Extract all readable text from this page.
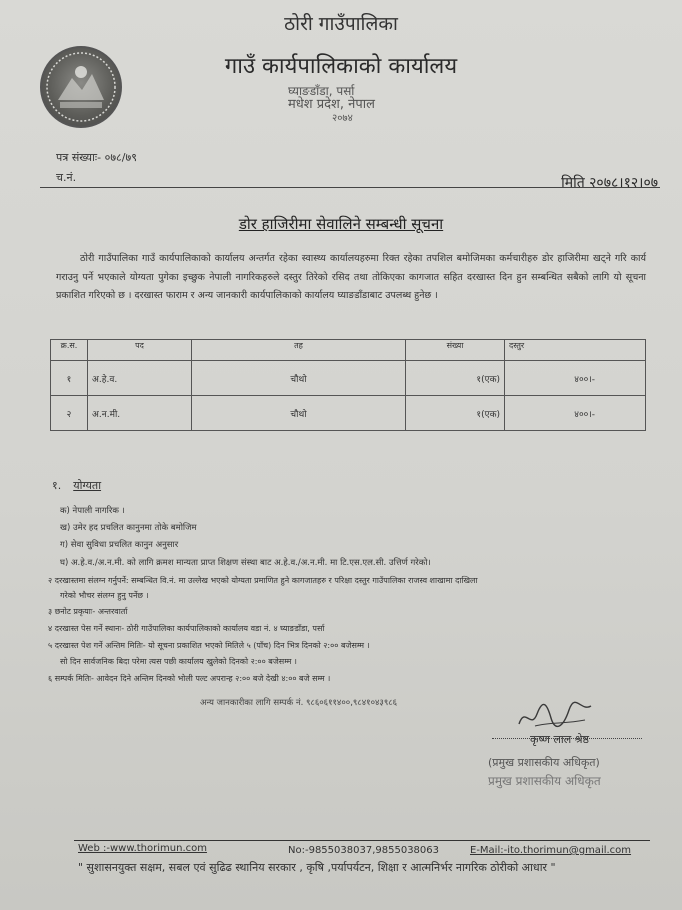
ठोरी गाउँपालिका
गाउँ कार्यपालिकाको कार्यालय
घ्याङडाँडा, पर्सा
मधेश प्रदेश, नेपाल
२०७४
पत्र संख्याः- ०७८/७९
च.नं.	मिति २०७८।१२।०७
डोर हाजिरीमा सेवालिने सम्बन्धी सूचना
ठोरी गाउँपालिका गाउँ कार्यपालिकाको कार्यालय अन्तर्गत रहेका स्वास्थ्य कार्यालयहरुमा रिक्त रहेका तपशिल बमोजिमका कर्मचारीहरु डोर हाजिरीमा खट्ने गरि कार्य गराउनु पर्ने भएकाले योग्यता पुगेका इच्छुक नेपाली नागरिकहरुले दस्तुर तिरेको रसिद तथा तोकिएका कागजात सहित दरखास्त दिन हुन सम्बन्धित सबैको लागि यो सूचना प्रकाशित गरिएको छ । दरखास्त फाराम र अन्य जानकारी कार्यपालिकाको कार्यालय घ्याङडाँडाबाट उपलब्ध हुनेछ ।
क्र.स.	पद	तह	संख्या	दस्तुर
१	अ.हे.व.	चौथो	१(एक)	४००।-
२	अ.न.मी.	चौथो	१(एक)	४००।-
१. योग्यता
क) नेपाली नागरिक ।
ख) उमेर हद प्रचलित कानुनमा तोके बमोजिम
ग) सेवा सुविधा प्रचलित कानुन अनुसार
घ) अ.हे.व./अ.न.मी. को लागि क्रमश मान्यता प्राप्त शिक्षण संस्था बाट अ.हे.व./अ.न.मी. मा टि.एस.एल.सी. उत्तिर्ण गरेको।
२ दरखास्तमा संलग्न गर्नुपर्ने: सम्बन्धित वि.नं. मा उल्लेख भएको योग्यता प्रमाणित हुने कागजातहरु र परिक्षा दस्तुर गाउँपालिका राजस्व शाखामा दाखिला
गरेको भौचर संलग्न हुनु पर्नेछ ।
३ छनोट प्रकृयाः- अन्तरवार्ता
४ दरखास्त पेस गर्ने स्थानः- ठोरी गाउँपालिका कार्यपालिकाको कार्यालय वडा नं. ४ घ्याङडाँडा, पर्सा
५ दरखास्त पेश गर्ने अन्तिम मितिः- यो सूचना प्रकाशित भएको मितिले ५ (पाँच) दिन भित्र दिनको २:०० बजेसम्म ।
सो दिन सार्वजनिक बिदा परेमा त्यस पछी कार्यालय खुलेको दिनको २:०० बजेसम्म ।
६ सम्पर्क मितिः- आवेदन दिने अन्तिम दिनको भोली पल्ट अपरान्ह २:०० बजे देखी ४:०० बजे सम्म ।
अन्य जानकारीका लागि सम्पर्क नं. ९८६०६११४००,९८४१०४३९८६
कृष्ण लाल श्रेष्ठ
(प्रमुख प्रशासकीय अधिकृत)
प्रमुख प्रशासकीय अधिकृत
Web :-www.thorimun.com	No:-9855038037,9855038063	E-Mail:-ito.thorimun@gmail.com
" सुशासनयुक्त सक्षम, सबल एवं सुढिढ स्थानिय सरकार , कृषि ,पर्यापर्यटन, शिक्षा र आत्मनिर्भर नागरिक ठोरीको आधार "
